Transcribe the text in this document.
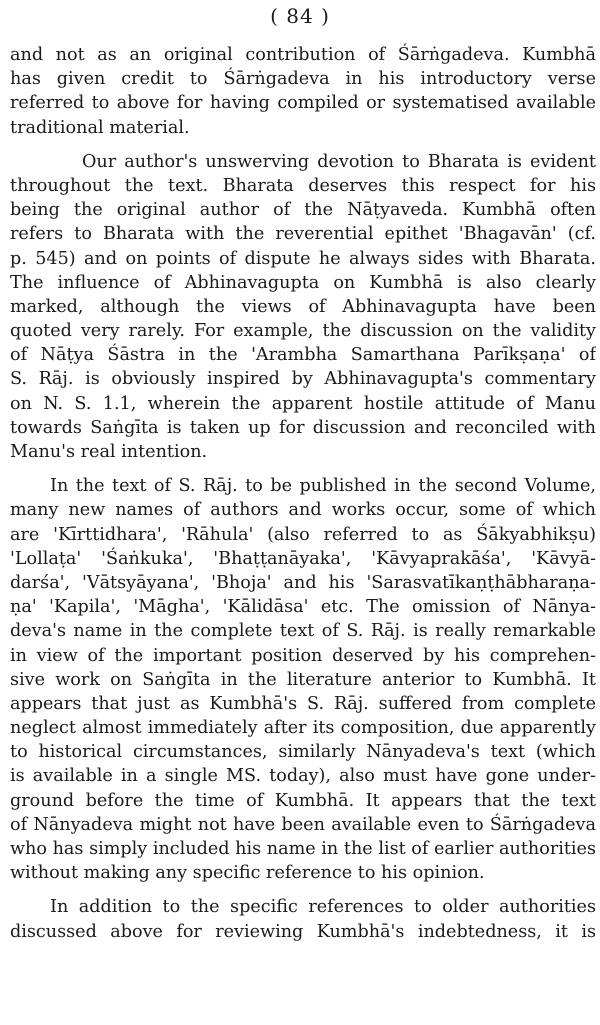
( 84 )
and not as an original contribution of Śārṅgadeva. Kumbhā
has given credit to Śārṅgadeva in his introductory verse
referred to above for having compiled or systematised available
traditional material.
Our author's unswerving devotion to Bharata is evident
throughout the text. Bharata deserves this respect for his
being the original author of the Nāṭyaveda. Kumbhā often
refers to Bharata with the reverential epithet 'Bhagavān' (cf.
p. 545) and on points of dispute he always sides with Bharata.
The influence of Abhinavagupta on Kumbhā is also clearly
marked, although the views of Abhinavagupta have been
quoted very rarely. For example, the discussion on the validity
of Nāṭya Śāstra in the 'Arambha Samarthana Parīkṣaṇa' of
S. Rāj. is obviously inspired by Abhinavagupta's commentary
on N. S. 1.1, wherein the apparent hostile attitude of Manu
towards Saṅgīta is taken up for discussion and reconciled with
Manu's real intention.
In the text of S. Rāj. to be published in the second Volume,
many new names of authors and works occur, some of which
are 'Kīrttidhara', 'Rāhula' (also referred to as Śākyabhikṣu)
'Lollaṭa' 'Śaṅkuka', 'Bhaṭṭanāyaka', 'Kāvyaprakāśa', 'Kāvyā-
darśa', 'Vātsyāyana', 'Bhoja' and his 'Sarasvatīkaṇṭhābharaṇa-
ṇa' 'Kapila', 'Māgha', 'Kālidāsa' etc. The omission of Nānya-
deva's name in the complete text of S. Rāj. is really remarkable
in view of the important position deserved by his comprehen-
sive work on Saṅgīta in the literature anterior to Kumbhā. It
appears that just as Kumbhā's S. Rāj. suffered from complete
neglect almost immediately after its composition, due apparently
to historical circumstances, similarly Nānyadeva's text (which
is available in a single MS. today), also must have gone under-
ground before the time of Kumbhā. It appears that the text
of Nānyadeva might not have been available even to Śārṅgadeva
who has simply included his name in the list of earlier authorities
without making any specific reference to his opinion.
In addition to the specific references to older authorities
discussed above for reviewing Kumbhā's indebtedness, it is
